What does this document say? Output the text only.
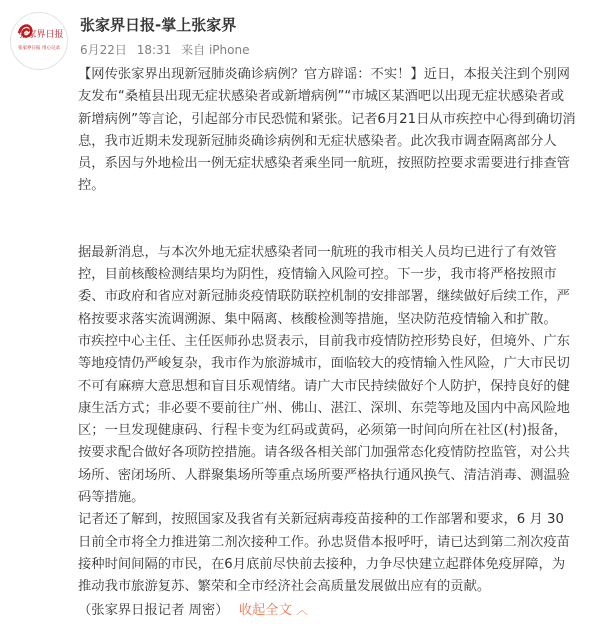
张家界日报
张家界日报 用心记录
张家界日报-掌上张家界
6月22日 18:31 来自 iPhone

【网传张家界出现新冠肺炎确诊病例？官方辟谣：不实！】近日，本报关注到个别网友发布“桑植县出现无症状感染者或新增病例”“市城区某酒吧以出现无症状感染者或新增病例”等言论，引起部分市民恐慌和紧张。记者6月21日从市疾控中心得到确切消息，我市近期未发现新冠肺炎确诊病例和无症状感染者。此次我市调查隔离部分人员，系因与外地检出一例无症状感染者乘坐同一航班，按照防控要求需要进行排查管控。

据最新消息，与本次外地无症状感染者同一航班的我市相关人员均已进行了有效管控，目前核酸检测结果均为阴性，疫情输入风险可控。下一步，我市将严格按照市委、市政府和省应对新冠肺炎疫情联防联控机制的安排部署，继续做好后续工作，严格按要求落实流调溯源、集中隔离、核酸检测等措施，坚决防范疫情输入和扩散。

市疾控中心主任、主任医师孙忠贤表示，目前我市疫情防控形势良好，但境外、广东等地疫情仍严峻复杂，我市作为旅游城市，面临较大的疫情输入性风险，广大市民切不可有麻痹大意思想和盲目乐观情绪。请广大市民持续做好个人防护，保持良好的健康生活方式；非必要不要前往广州、佛山、湛江、深圳、东莞等地及国内中高风险地区；一旦发现健康码、行程卡变为红码或黄码，必须第一时间向所在社区(村)报备，按要求配合做好各项防控措施。请各级各相关部门加强常态化疫情防控监管，对公共场所、密闭场所、人群聚集场所等重点场所要严格执行通风换气、清洁消毒、测温验码等措施。

记者还了解到，按照国家及我省有关新冠病毒疫苗接种的工作部署和要求，6 月 30 日前全市将全力推进第二剂次接种工作。孙忠贤借本报呼吁，请已达到第二剂次疫苗接种时间间隔的市民，在6月底前尽快前去接种，力争尽快建立起群体免疫屏障，为推动我市旅游复苏、繁荣和全市经济社会高质量发展做出应有的贡献。

（张家界日报记者 周密） 收起全文 ︿
